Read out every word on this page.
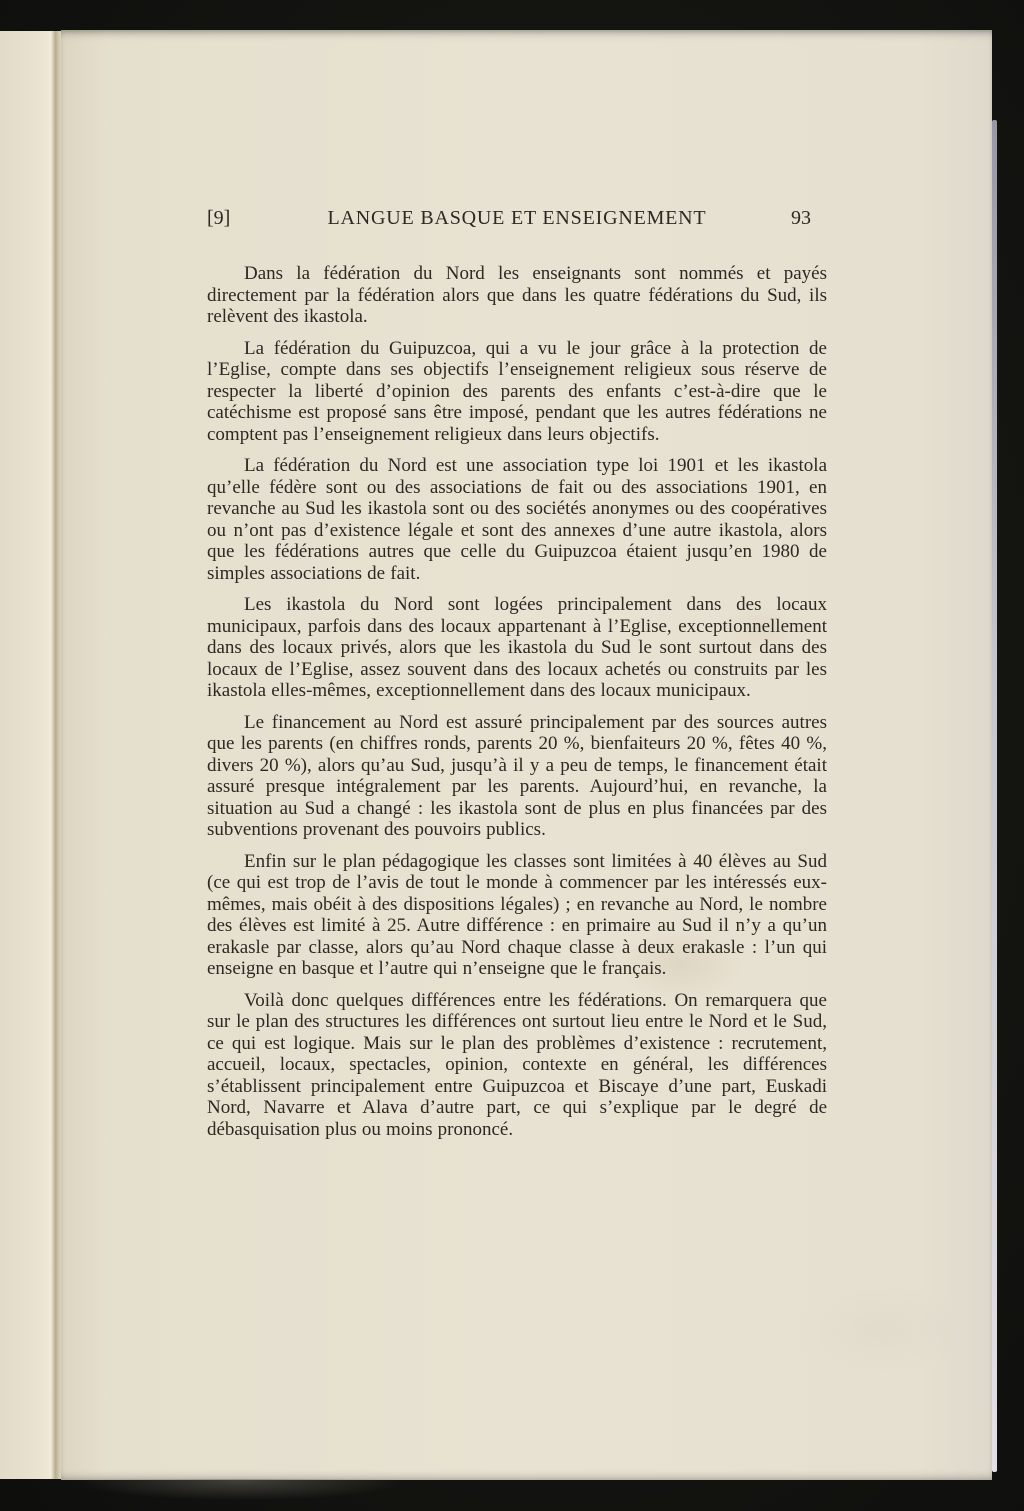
[9]	LANGUE BASQUE ET ENSEIGNEMENT	93

Dans la fédération du Nord les enseignants sont nommés et payés directement par la fédération alors que dans les quatre fédérations du Sud, ils relèvent des ikastola.

La fédération du Guipuzcoa, qui a vu le jour grâce à la protection de l’Eglise, compte dans ses objectifs l’enseignement religieux sous réserve de respecter la liberté d’opinion des parents des enfants c’est-à-dire que le catéchisme est proposé sans être imposé, pendant que les autres fédérations ne comptent pas l’enseignement religieux dans leurs objectifs.

La fédération du Nord est une association type loi 1901 et les ikastola qu’elle fédère sont ou des associations de fait ou des associations 1901, en revanche au Sud les ikastola sont ou des sociétés anonymes ou des coopératives ou n’ont pas d’existence légale et sont des annexes d’une autre ikastola, alors que les fédérations autres que celle du Guipuzcoa étaient jusqu’en 1980 de simples associations de fait.

Les ikastola du Nord sont logées principalement dans des locaux municipaux, parfois dans des locaux appartenant à l’Eglise, exceptionnellement dans des locaux privés, alors que les ikastola du Sud le sont surtout dans des locaux de l’Eglise, assez souvent dans des locaux achetés ou construits par les ikastola elles-mêmes, exceptionnellement dans des locaux municipaux.

Le financement au Nord est assuré principalement par des sources autres que les parents (en chiffres ronds, parents 20 %, bienfaiteurs 20 %, fêtes 40 %, divers 20 %), alors qu’au Sud, jusqu’à il y a peu de temps, le financement était assuré presque intégralement par les parents. Aujourd’hui, en revanche, la situation au Sud a changé : les ikastola sont de plus en plus financées par des subventions provenant des pouvoirs publics.

Enfin sur le plan pédagogique les classes sont limitées à 40 élèves au Sud (ce qui est trop de l’avis de tout le monde à commencer par les intéressés eux-mêmes, mais obéit à des dispositions légales) ; en revanche au Nord, le nombre des élèves est limité à 25. Autre différence : en primaire au Sud il n’y a qu’un erakasle par classe, alors qu’au Nord chaque classe à deux erakasle : l’un qui enseigne en basque et l’autre qui n’enseigne que le français.

Voilà donc quelques différences entre les fédérations. On remarquera que sur le plan des structures les différences ont surtout lieu entre le Nord et le Sud, ce qui est logique. Mais sur le plan des problèmes d’existence : recrutement, accueil, locaux, spectacles, opinion, contexte en général, les différences s’établissent principalement entre Guipuzcoa et Biscaye d’une part, Euskadi Nord, Navarre et Alava d’autre part, ce qui s’explique par le degré de débasquisation plus ou moins prononcé.
